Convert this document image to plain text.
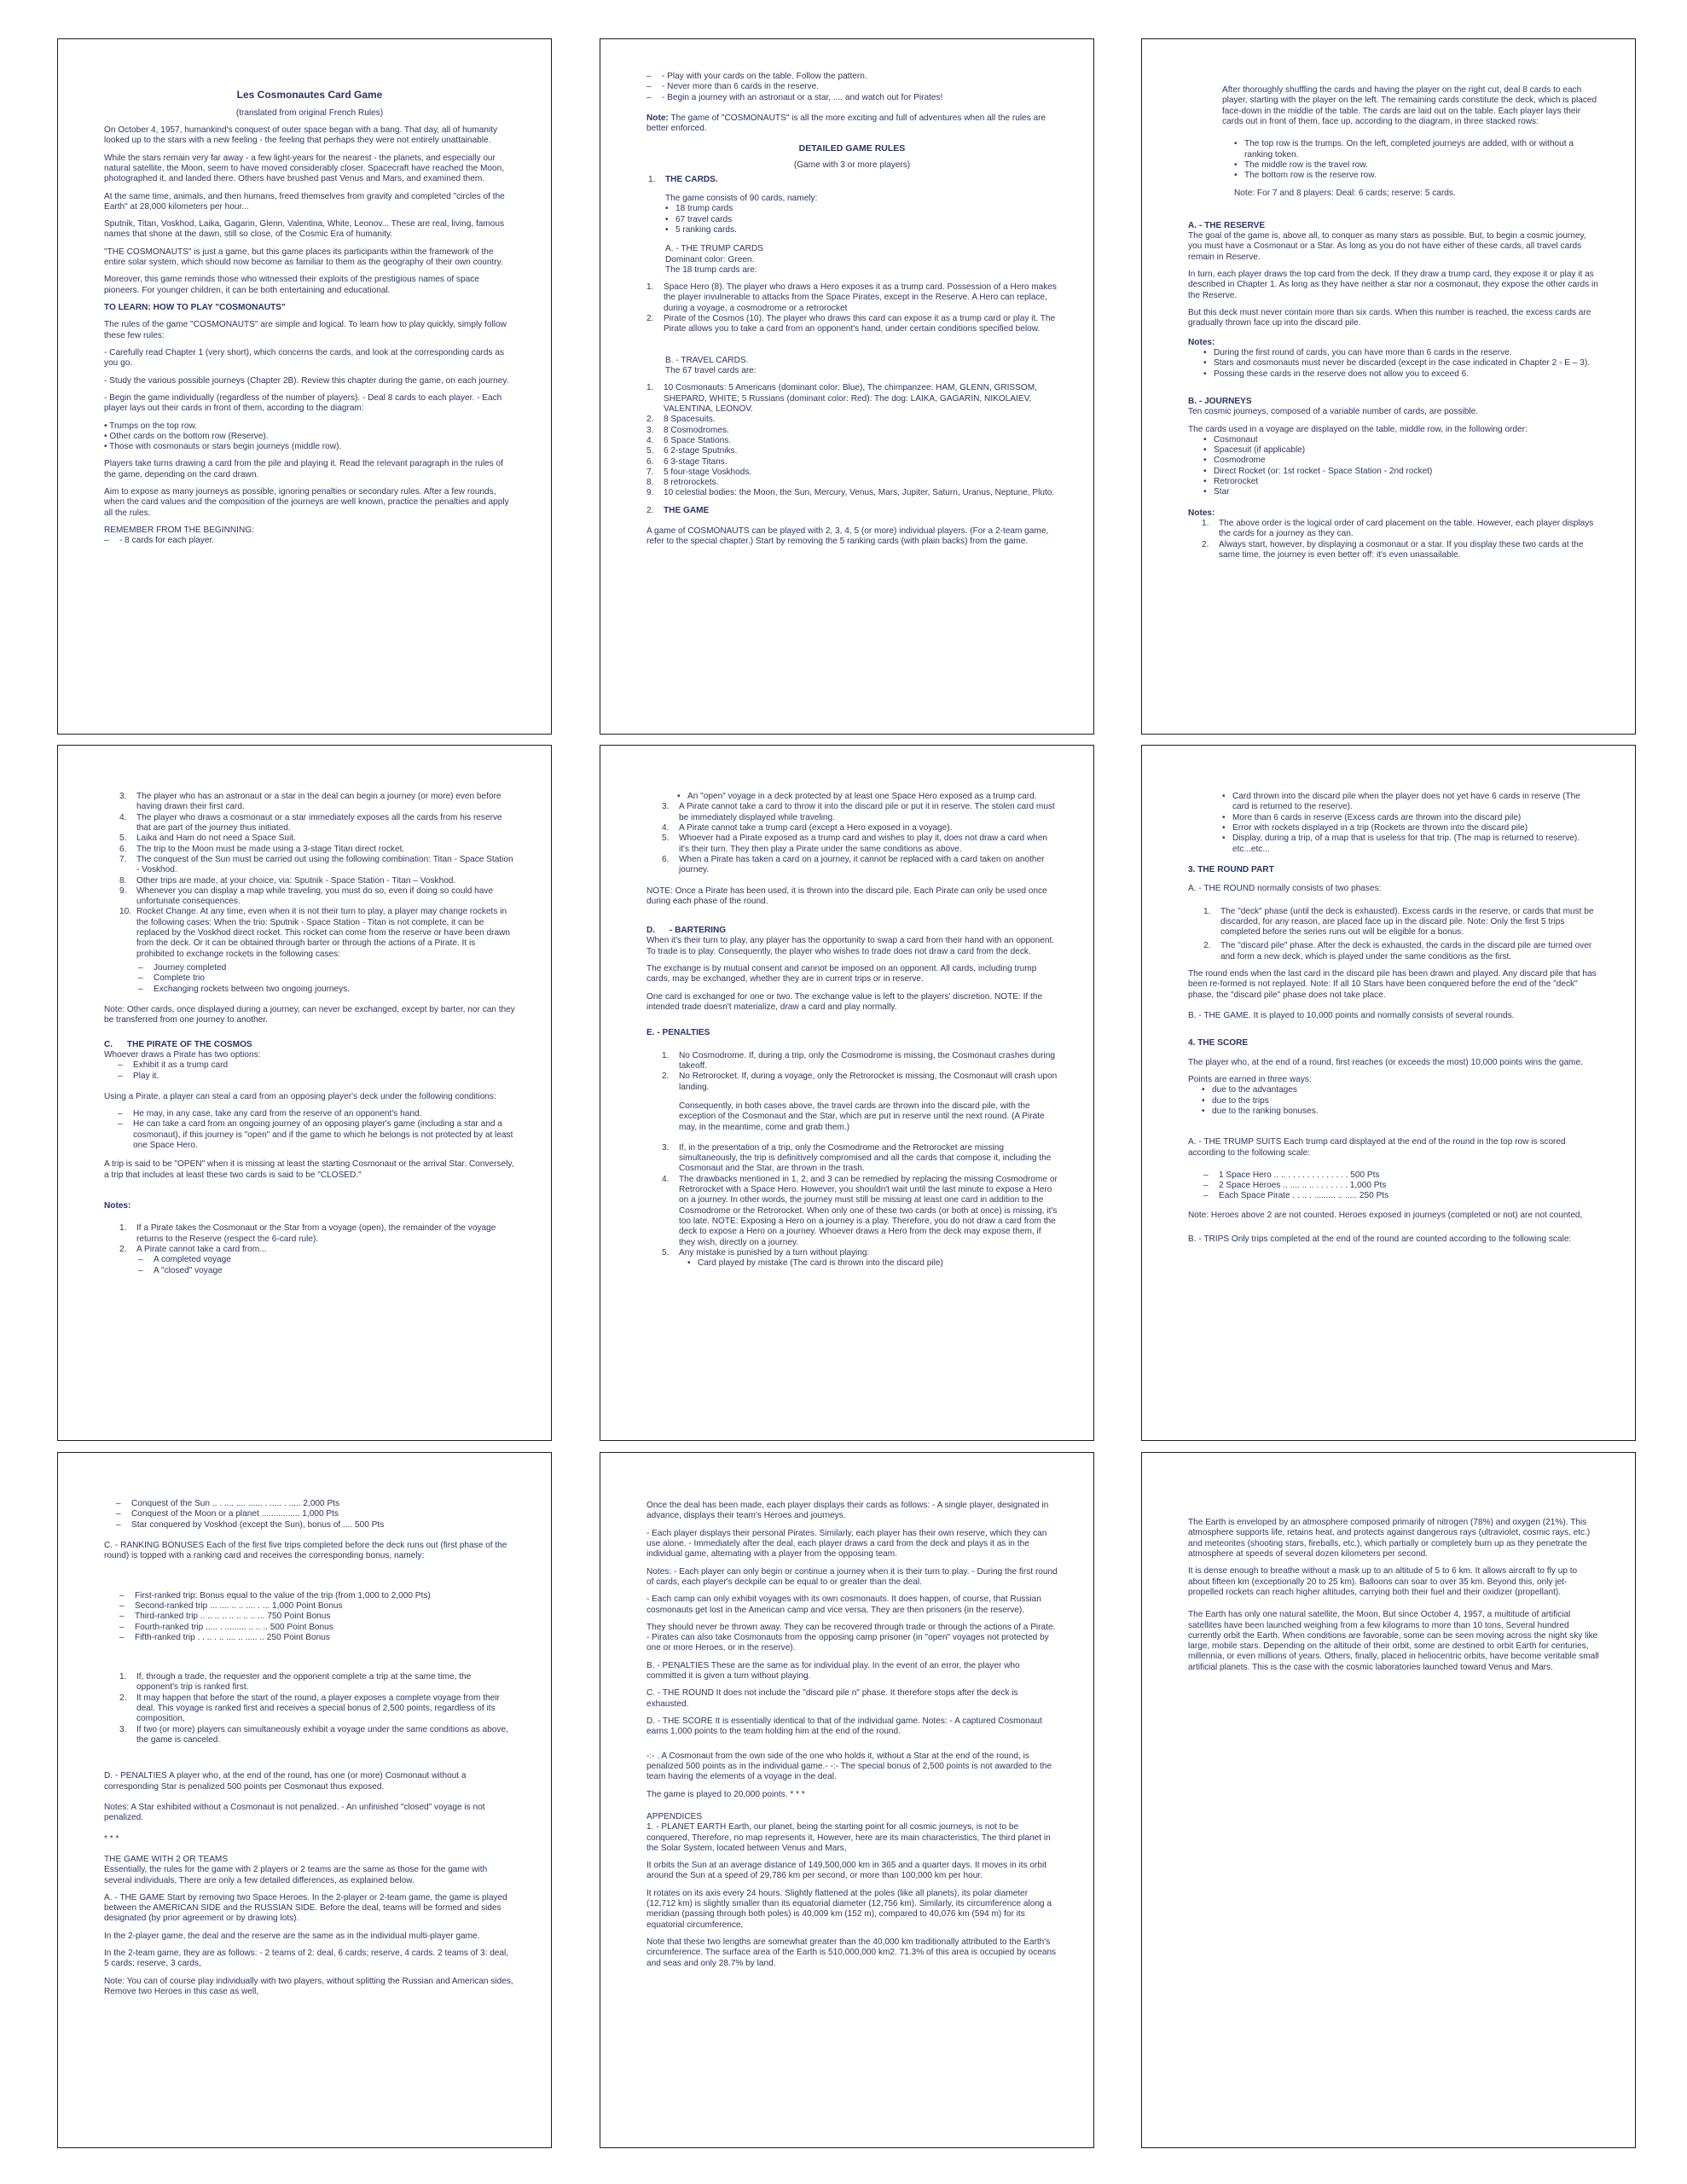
Les Cosmonautes Card Game

(translated from original French Rules)

On October 4, 1957, humankind's conquest of outer space began with a bang. That day, all of humanity looked up to the stars with a new feeling - the feeling that perhaps they were not entirely unattainable.

While the stars remain very far away - a few light-years for the nearest - the planets, and especially our natural satellite, the Moon, seem to have moved considerably closer. Spacecraft have reached the Moon, photographed it, and landed there. Others have brushed past Venus and Mars, and examined them.

At the same time, animals, and then humans, freed themselves from gravity and completed "circles of the Earth" at 28,000 kilometers per hour...

Sputnik, Titan, Voskhod, Laika, Gagarin, Glenn, Valentina, White, Leonov... These are real, living, famous names that shone at the dawn, still so close, of the Cosmic Era of humanity.

"THE COSMONAUTS" is just a game, but this game places its participants within the framework of the entire solar system, which should now become as familiar to them as the geography of their own country.

Moreover, this game reminds those who witnessed their exploits of the prestigious names of space pioneers. For younger children, it can be both entertaining and educational.

TO LEARN: HOW TO PLAY "COSMONAUTS"

The rules of the game "COSMONAUTS" are simple and logical. To learn how to play quickly, simply follow these few rules:

- Carefully read Chapter 1 (very short), which concerns the cards, and look at the corresponding cards as you go.

- Study the various possible journeys (Chapter 2B). Review this chapter during the game, on each journey.

- Begin the game individually (regardless of the number of players). - Deal 8 cards to each player. - Each player lays out their cards in front of them, according to the diagram:

• Trumps on the top row.

• Other cards on the bottom row (Reserve).

• Those with cosmonauts or stars begin journeys (middle row).

Players take turns drawing a card from the pile and playing it. Read the relevant paragraph in the rules of the game, depending on the card drawn.

Aim to expose as many journeys as possible, ignoring penalties or secondary rules. After a few rounds, when the card values and the composition of the journeys are well known, practice the penalties and apply all the rules.

REMEMBER FROM THE BEGINNING:

– - 8 cards for each player.
– - Play with your cards on the table. Follow the pattern.
– - Never more than 6 cards in the reserve.
– - Begin a journey with an astronaut or a star, .... and watch out for Pirates!

Note: The game of "COSMONAUTS" is all the more exciting and full of adventures when all the rules are better enforced.

DETAILED GAME RULES

(Game with 3 or more players)

1. THE CARDS.

The game consists of 90 cards, namely:

• 18 trump cards
• 67 travel cards
• 5 ranking cards.

A. - THE TRUMP CARDS

Dominant color: Green.

The 18 trump cards are:

1. Space Hero (8). The player who draws a Hero exposes it as a trump card. Possession of a Hero makes the player invulnerable to attacks from the Space Pirates, except in the Reserve. A Hero can replace, during a voyage, a cosmodrome or a retrorocket
2. Pirate of the Cosmos (10). The player who draws this card can expose it as a trump card or play it. The Pirate allows you to take a card from an opponent's hand, under certain conditions specified below.

B. - TRAVEL CARDS.

The 67 travel cards are:

1. 10 Cosmonauts: 5 Americans (dominant color: Blue), The chimpanzee: HAM, GLENN, GRISSOM, SHEPARD, WHITE; 5 Russians (dominant color: Red): The dog: LAIKA, GAGARIN, NIKOLAIEV, VALENTINA, LEONOV.
2. 8 Spacesuits.
3. 8 Cosmodromes.
4. 6 Space Stations.
5. 6 2-stage Sputniks.
6. 6 3-stage Titans.
7. 5 four-stage Voskhods.
8. 8 retrorockets.
9. 10 celestial bodies: the Moon, the Sun, Mercury, Venus, Mars, Jupiter, Saturn, Uranus, Neptune, Pluto.
2. THE GAME

A game of COSMONAUTS can be played with 2, 3, 4, 5 (or more) individual players. (For a 2-team game, refer to the special chapter.) Start by removing the 5 ranking cards (with plain backs) from the game.

After thoroughly shuffling the cards and having the player on the right cut, deal 8 cards to each player, starting with the player on the left. The remaining cards constitute the deck, which is placed face-down in the middle of the table. The cards are laid out on the table. Each player lays their cards out in front of them, face up, according to the diagram, in three stacked rows:

• The top row is the trumps. On the left, completed journeys are added, with or without a ranking token.
• The middle row is the travel row.
• The bottom row is the reserve row.

Note: For 7 and 8 players: Deal: 6 cards; reserve: 5 cards.

A. - THE RESERVE

The goal of the game is, above all, to conquer as many stars as possible. But, to begin a cosmic journey, you must have a Cosmonaut or a Star. As long as you do not have either of these cards, all travel cards remain in Reserve.

In turn, each player draws the top card from the deck. If they draw a trump card, they expose it or play it as described in Chapter 1. As long as they have neither a star nor a cosmonaut, they expose the other cards in the Reserve.

But this deck must never contain more than six cards. When this number is reached, the excess cards are gradually thrown face up into the discard pile.

Notes:

• During the first round of cards, you can have more than 6 cards in the reserve.
• Stars and cosmonauts must never be discarded (except in the case indicated in Chapter 2 - E – 3).
• Possing these cards in the reserve does not allow you to exceed 6.

B. - JOURNEYS

Ten cosmic journeys, composed of a variable number of cards, are possible.

The cards used in a voyage are displayed on the table, middle row, in the following order:

• Cosmonaut
• Spacesuit (if applicable)
• Cosmodrome
• Direct Rocket (or: 1st rocket - Space Station - 2nd rocket)
• Retrorocket
• Star

Notes:

1. The above order is the logical order of card placement on the table. However, each player displays the cards for a journey as they can.
2. Always start, however, by displaying a cosmonaut or a star. If you display these two cards at the same time, the journey is even better off: it's even unassailable.
3. The player who has an astronaut or a star in the deal can begin a journey (or more) even before having drawn their first card.
4. The player who draws a cosmonaut or a star immediately exposes all the cards from his reserve that are part of the journey thus initiated.
5. Laika and Ham do not need a Space Suit.
6. The trip to the Moon must be made using a 3-stage Titan direct rocket.
7. The conquest of the Sun must be carried out using the following combination: Titan - Space Station - Voskhod.
8. Other trips are made, at your choice, via: Sputnik - Space Station - Titan – Voskhod.
9. Whenever you can display a map while traveling, you must do so, even if doing so could have unfortunate consequences.
10. Rocket Change. At any time, even when it is not their turn to play, a player may change rockets in the following cases: When the trio: Sputnik - Space Station - Titan is not complete, it can be replaced by the Voskhod direct rocket. This rocket can come from the reserve or have been drawn from the deck. Or it can be obtained through barter or through the actions of a Pirate. It is prohibited to exchange rockets in the following cases:
– Journey completed
– Complete trio
– Exchanging rockets between two ongoing journeys.

Note: Other cards, once displayed during a journey, can never be exchanged, except by barter, nor can they be transferred from one journey to another.

C.      THE PIRATE OF THE COSMOS

Whoever draws a Pirate has two options:

– Exhibit it as a trump card
– Play it.

Using a Pirate, a player can steal a card from an opposing player's deck under the following conditions:

– He may, in any case, take any card from the reserve of an opponent's hand.
– He can take a card from an ongoing journey of an opposing player's game (including a star and a cosmonaut), if this journey is "open" and if the game to which he belongs is not protected by at least one Space Hero.

A trip is said to be "OPEN" when it is missing at least the starting Cosmonaut or the arrival Star. Conversely, a trip that includes at least these two cards is said to be "CLOSED."

Notes:

1. If a Pirate takes the Cosmonaut or the Star from a voyage (open), the remainder of the voyage returns to the Reserve (respect the 6-card rule).
2. A Pirate cannot take a card from...
– A completed voyage
– A "closed" voyage
• An "open" voyage in a deck protected by at least one Space Hero exposed as a trump card.
3. A Pirate cannot take a card to throw it into the discard pile or put it in reserve. The stolen card must be immediately displayed while traveling.
4. A Pirate cannot take a trump card (except a Hero exposed in a voyage).
5. Whoever had a Pirate exposed as a trump card and wishes to play it, does not draw a card when it's their turn. They then play a Pirate under the same conditions as above.
6. When a Pirate has taken a card on a journey, it cannot be replaced with a card taken on another journey.

NOTE: Once a Pirate has been used, it is thrown into the discard pile. Each Pirate can only be used once during each phase of the round.

D.      - BARTERING

When it's their turn to play, any player has the opportunity to swap a card from their hand with an opponent. To trade is to play. Consequently, the player who wishes to trade does not draw a card from the deck.

The exchange is by mutual consent and cannot be imposed on an opponent. All cards, including trump cards, may be exchanged, whether they are in current trips or in reserve.

One card is exchanged for one or two. The exchange value is left to the players' discretion. NOTE: If the intended trade doesn't materialize, draw a card and play normally.

E. - PENALTIES

1. No Cosmodrome. If, during a trip, only the Cosmodrome is missing, the Cosmonaut crashes during takeoff.
2. No Retrorocket. If, during a voyage, only the Retrorocket is missing, the Cosmonaut will crash upon landing.

Consequently, in both cases above, the travel cards are thrown into the discard pile, with the exception of the Cosmonaut and the Star, which are put in reserve until the next round. (A Pirate may, in the meantime, come and grab them.)

3. If, in the presentation of a trip, only the Cosmodrome and the Retrorocket are missing simultaneously, the trip is definitively compromised and all the cards that compose it, including the Cosmonaut and the Star, are thrown in the trash.
4. The drawbacks mentioned in 1, 2, and 3 can be remedied by replacing the missing Cosmodrome or Retrorocket with a Space Hero. However, you shouldn't wait until the last minute to expose a Hero on a journey. In other words, the journey must still be missing at least one card in addition to the Cosmodrome or the Retrorocket. When only one of these two cards (or both at once) is missing, it's too late. NOTE: Exposing a Hero on a journey is a play. Therefore, you do not draw a card from the deck to expose a Hero on a journey. Whoever draws a Hero from the deck may expose them, if they wish, directly on a journey.
5. Any mistake is punished by a turn without playing:
• Card played by mistake (The card is thrown into the discard pile)
• Card thrown into the discard pile when the player does not yet have 6 cards in reserve (The card is returned to the reserve).
• More than 6 cards in reserve (Excess cards are thrown into the discard pile)
• Error with rockets displayed in a trip (Rockets are thrown into the discard pile)
• Display, during a trip, of a map that is useless for that trip. (The map is returned to reserve). etc...etc...

3. THE ROUND PART

A. - THE ROUND normally consists of two phases:

1. The "deck" phase (until the deck is exhausted). Excess cards in the reserve, or cards that must be discarded, for any reason, are placed face up in the discard pile. Note: Only the first 5 trips completed before the series runs out will be eligible for a bonus.
2. The "discard pile" phase. After the deck is exhausted, the cards in the discard pile are turned over and form a new deck, which is played under the same conditions as the first.

The round ends when the last card in the discard pile has been drawn and played. Any discard pile that has been re-formed is not replayed. Note: If all 10 Stars have been conquered before the end of the "deck" phase, the "discard pile" phase does not take place.

B. - THE GAME. It is played to 10,000 points and normally consists of several rounds.

4. THE SCORE

The player who, at the end of a round, first reaches (or exceeds the most) 10,000 points wins the game.

Points are earned in three ways:

• due to the advantages
• due to the trips
• due to the ranking bonuses.

A. - THE TRUMP SUITS Each trump card displayed at the end of the round in the top row is scored according to the following scale:

– 1 Space Hero .. .. . . . . . . . . . . . . . 500 Pts
– 2 Space Heroes .. .... .. .. . . . . . . . 1,000 Pts
– Each Space Pirate . . .. . ......... .. ..... 250 Pts

Note: Heroes above 2 are not counted. Heroes exposed in journeys (completed or not) are not counted,

B. - TRIPS Only trips completed at the end of the round are counted according to the following scale:

– Conquest of the Sun .. . .... .... ...... . ..... . ..... 2,000 Pts
– Conquest of the Moon or a planet ................ 1,000 Pts
– Star conquered by Voskhod (except the Sun), bonus of .... 500 Pts

C. - RANKING BONUSES Each of the first five trips completed before the deck runs out (first phase of the round) is topped with a ranking card and receives the corresponding bonus, namely:

– First-ranked trip: Bonus equal to the value of the trip (from 1,000 to 2,000 Pts)
– Second-ranked trip ... .... .. .. .... . ... 1,000 Point Bonus
– Third-ranked trip .. .. .. .. .. .. .. .. ... 750 Point Bonus
– Fourth-ranked trip ..... . ......... .. .. .. 500 Point Bonus
– Fifth-ranked trip . . .. . .. .... .. ..... .. 250 Point Bonus
1. If, through a trade, the requester and the opponent complete a trip at the same time, the opponent's trip is ranked first.
2. It may happen that before the start of the round, a player exposes a complete voyage from their deal. This voyage is ranked first and receives a special bonus of 2,500 points, regardless of its composition,
3. If two (or more) players can simultaneously exhibit a voyage under the same conditions as above, the game is canceled.

D. - PENALTIES A player who, at the end of the round, has one (or more) Cosmonaut without a corresponding Star is penalized 500 points per Cosmonaut thus exposed.

Notes: A Star exhibited without a Cosmonaut is not penalized. - An unfinished "closed" voyage is not penalized.

* * *

THE GAME WITH 2 OR TEAMS

Essentially, the rules for the game with 2 players or 2 teams are the same as those for the game with several individuals, There are only a few detailed differences, as explained below.

A. - THE GAME Start by removing two Space Heroes. In the 2-player or 2-team game, the game is played between the AMERICAN SIDE and the RUSSIAN SIDE. Before the deal, teams will be formed and sides designated (by prior agreement or by drawing lots).

In the 2-player game, the deal and the reserve are the same as in the individual multi-player game.

In the 2-team game, they are as follows: - 2 teams of 2: deal, 6 cards; reserve, 4 cards. 2 teams of 3: deal, 5 cards; reserve, 3 cards,

Note: You can of course play individually with two players, without splitting the Russian and American sides, Remove two Heroes in this case as well,

Once the deal has been made, each player displays their cards as follows: - A single player, designated in advance, displays their team's Heroes and journeys.

- Each player displays their personal Pirates. Similarly, each player has their own reserve, which they can use alone. - Immediately after the deal, each player draws a card from the deck and plays it as in the individual game, alternating with a player from the opposing team.

Notes: - Each player can only begin or continue a journey when it is their turn to play. - During the first round of cards, each player's deckpile can be equal to or greater than the deal.

- Each camp can only exhibit voyages with its own cosmonauts. It does happen, of course, that Russian cosmonauts get lost in the American camp and vice versa, They are then prisoners (in the reserve).

They should never be thrown away. They can be recovered through trade or through the actions of a Pirate. - Pirates can also take Cosmonauts from the opposing camp prisoner (in "open" voyages not protected by one or more Heroes, or in the reserve).

B. - PENALTIES These are the same as for individual play. In the event of an error, the player who committed it is given a turn without playing.

C. - THE ROUND It does not include the "discard pile n" phase. It therefore stops after the deck is exhausted.

D. - THE SCORE It is essentially identical to that of the individual game. Notes: - A captured Cosmonaut earns 1,000 points to the team holding him at the end of the round.

-:- . A Cosmonaut from the own side of the one who holds it, without a Star at the end of the round, is penalized 500 points as in the individual game.- -:- The special bonus of 2,500 points is not awarded to the team having the elements of a voyage in the deal.

The game is played to 20,000 points. * * *

APPENDICES

1. - PLANET EARTH Earth, our planet, being the starting point for all cosmic journeys, is not to be conquered, Therefore, no map represents it, However, here are its main characteristics, The third planet in the Solar System, located between Venus and Mars,

It orbits the Sun at an average distance of 149,500,000 km in 365 and a quarter days. It moves in its orbit around the Sun at a speed of 29,786 km per second, or more than 100,000 km per hour.

It rotates on its axis every 24 hours. Slightly flattened at the poles (like all planets), its polar diameter (12,712 km) is slightly smaller than its equatorial diameter (12,756 km). Similarly, its circumference along a meridian (passing through both poles) is 40,009 km (152 m), compared to 40,076 km (594 m) for its equatorial circumference,

Note that these two lengths are somewhat greater than the 40,000 km traditionally attributed to the Earth's circumference. The surface area of the Earth is 510,000,000 km2. 71.3% of this area is occupied by oceans and seas and only 28.7% by land.

The Earth is enveloped by an atmosphere composed primarily of nitrogen (78%) and oxygen (21%). This atmosphere supports life, retains heat, and protects against dangerous rays (ultraviolet, cosmic rays, etc.) and meteorites (shooting stars, fireballs, etc.), which partially or completely burn up as they penetrate the atmosphere at speeds of several dozen kilometers per second.

It is dense enough to breathe without a mask up to an altitude of 5 to 6 km. It allows aircraft to fly up to about fifteen km (exceptionally 20 to 25 km). Balloons can soar to over 35 km. Beyond this, only jet-propelled rockets can reach higher altitudes, carrying both their fuel and their oxidizer (propellant).

The Earth has only one natural satellite, the Moon, But since October 4, 1957, a multitude of artificial satellites have been launched weighing from a few kilograms to more than 10 tons, Several hundred currently orbit the Earth. When conditions are favorable, some can be seen moving across the night sky like large, mobile stars. Depending on the altitude of their orbit, some are destined to orbit Earth for centuries, millennia, or even millions of years. Others, finally, placed in heliocentric orbits, have become veritable small artificial planets. This is the case with the cosmic laboratories launched toward Venus and Mars.
